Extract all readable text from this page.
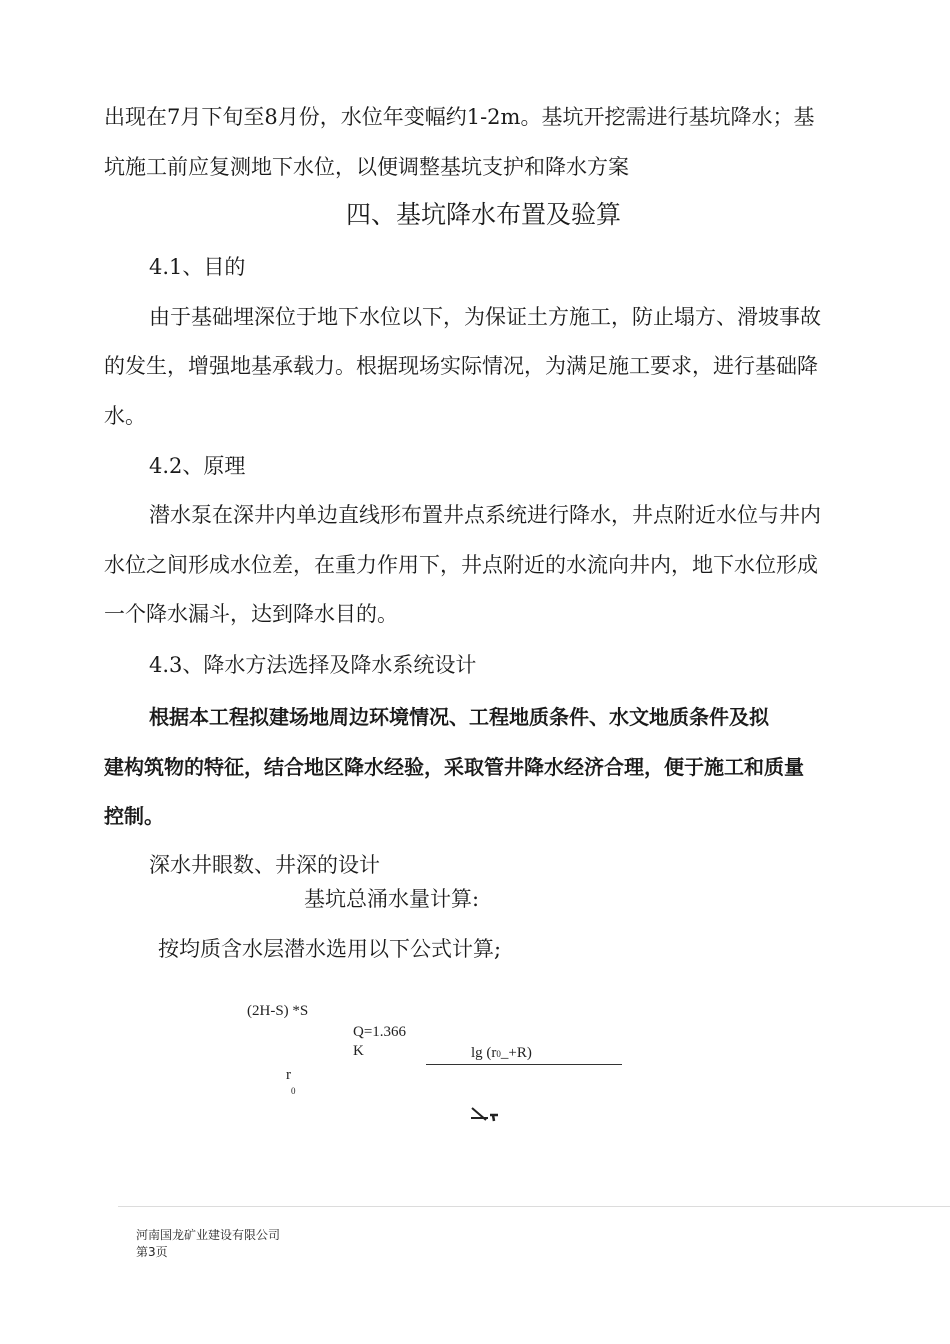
出现在7月下旬至8月份，水位年变幅约1-2m。基坑开挖需进行基坑降水；基
坑施工前应复测地下水位，以便调整基坑支护和降水方案
四、基坑降水布置及验算
4.1、目的
由于基础埋深位于地下水位以下，为保证土方施工，防止塌方、滑坡事故
的发生，增强地基承载力。根据现场实际情况，为满足施工要求，进行基础降
水。
4.2、原理
潜水泵在深井内单边直线形布置井点系统进行降水，井点附近水位与井内
水位之间形成水位差，在重力作用下，井点附近的水流向井内，地下水位形成
一个降水漏斗，达到降水目的。
4.3、降水方法选择及降水系统设计
根据本工程拟建场地周边环境情况、工程地质条件、水文地质条件及拟
建构筑物的特征，结合地区降水经验，采取管井降水经济合理，便于施工和质量
控制。
深水井眼数、井深的设计
基坑总涌水量计算:
按均质含水层潜水选用以下公式计算;
(2H-S) *S
Q=1.366
K	lg (r0_+R)
r
0
河南国龙矿业建设有限公司
第3页
